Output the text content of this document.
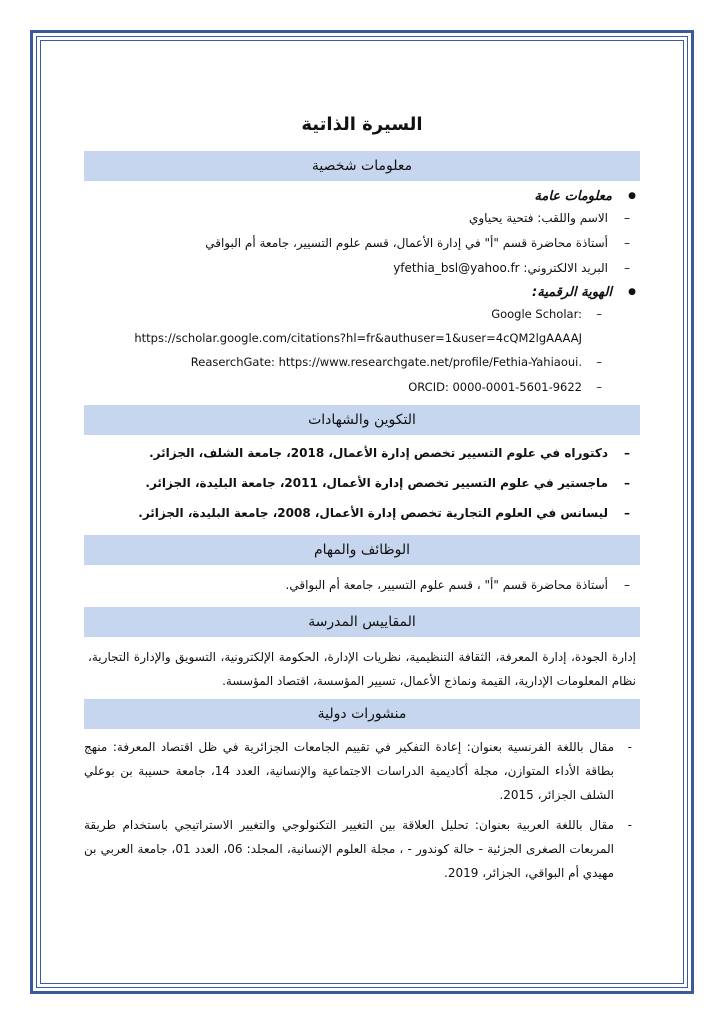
السيرة الذاتية
معلومات شخصية
● معلومات عامة
– الاسم واللقب: فتحية يحياوي
– أستاذة محاضرة قسم "أ" في إدارة الأعمال، قسم علوم التسيير، جامعة أم البواقي
– البريد الالكتروني: yfethia_bsl@yahoo.fr
● الهوية الرقمية:
– Google Scholar:
https://scholar.google.com/citations?hl=fr&authuser=1&user=4cQM2lgAAAAJ
– ReaserchGate: https://www.researchgate.net/profile/Fethia-Yahiaoui.
– ORCID: 0000-0001-5601-9622
التكوين والشهادات
– دكتوراه في علوم التسيير تخصص إدارة الأعمال، 2018، جامعة الشلف، الجزائر.
– ماجستير في علوم التسيير تخصص إدارة الأعمال، 2011، جامعة البليدة، الجزائر.
– ليسانس في العلوم التجارية تخصص إدارة الأعمال، 2008، جامعة البليدة، الجزائر.
الوظائف والمهام
– أستاذة محاضرة قسم "أ" ، قسم علوم التسيير، جامعة أم البواقي.
المقاييس المدرسة
إدارة الجودة، إدارة المعرفة، الثقافة التنظيمية، نظريات الإدارة، الحكومة الإلكترونية، التسويق والإدارة التجارية، نظام المعلومات الإدارية، القيمة ونماذج الأعمال، تسيير المؤسسة، اقتصاد المؤسسة.
منشورات دولية
- مقال باللغة الفرنسية بعنوان: إعادة التفكير في تقييم الجامعات الجزائرية في ظل اقتصاد المعرفة: منهج بطاقة الأداء المتوازن، مجلة أكاديمية الدراسات الاجتماعية والإنسانية، العدد 14، جامعة حسيبة بن بوعلي الشلف الجزائر، 2015.
- مقال باللغة العربية بعنوان: تحليل العلاقة بين التغيير التكنولوجي والتغيير الاستراتيجي باستخدام طريقة المربعات الصغرى الجزئية - حالة كوندور - ، مجلة العلوم الإنسانية، المجلد: 06، العدد 01، جامعة العربي بن مهيدي أم البواقي، الجزائر، 2019.
